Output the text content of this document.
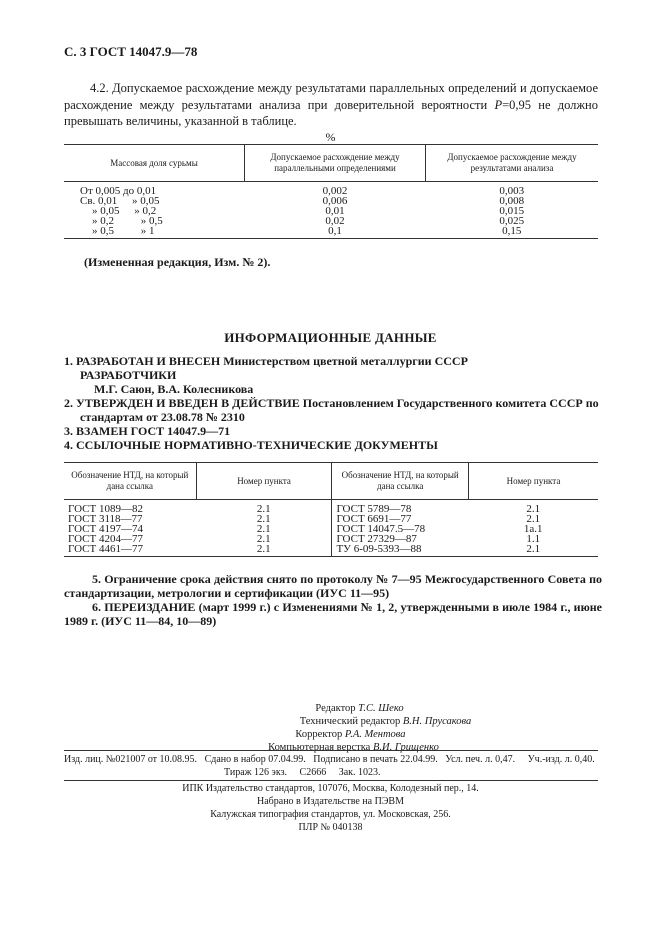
С. 3 ГОСТ 14047.9—78
4.2. Допускаемое расхождение между результатами параллельных определений и допускаемое расхождение между результатами анализа при доверительной вероятности P=0,95 не должно превышать величины, указанной в таблице.
%
Массовая доля сурьмы	Допускаемое расхождение между параллельными определениями	Допускаемое расхождение между результатами анализа
От 0,005 до 0,01	0,002	0,003
Св. 0,01 » 0,05	0,006	0,008
» 0,05 » 0,2	0,01	0,015
» 0,2 » 0,5	0,02	0,025
» 0,5 » 1	0,1	0,15
(Измененная редакция, Изм. № 2).
ИНФОРМАЦИОННЫЕ ДАННЫЕ
1. РАЗРАБОТАН И ВНЕСЕН Министерством цветной металлургии СССР
РАЗРАБОТЧИКИ
М.Г. Саюн, В.А. Колесникова
2. УТВЕРЖДЕН И ВВЕДЕН В ДЕЙСТВИЕ Постановлением Государственного комитета СССР по
стандартам от 23.08.78 № 2310
3. ВЗАМЕН ГОСТ 14047.9—71
4. ССЫЛОЧНЫЕ НОРМАТИВНО-ТЕХНИЧЕСКИЕ ДОКУМЕНТЫ
Обозначение НТД, на который дана ссылка	Номер пункта	Обозначение НТД, на который дана ссылка	Номер пункта
ГОСТ 1089—82	2.1	ГОСТ 5789—78	2.1
ГОСТ 3118—77	2.1	ГОСТ 6691—77	2.1
ГОСТ 4197—74	2.1	ГОСТ 14047.5—78	1а.1
ГОСТ 4204—77	2.1	ГОСТ 27329—87	1.1
ГОСТ 4461—77	2.1	ТУ 6-09-5393—88	2.1

5. Ограничение срока действия снято по протоколу № 7—95 Межгосударственного Совета по стандартизации, метрологии и сертификации (ИУС 11—95)

6. ПЕРЕИЗДАНИЕ (март 1999 г.) с Изменениями № 1, 2, утвержденными в июле 1984 г., июне 1989 г. (ИУС 11—84, 10—89)

Редактор Т.С. Шеко
Технический редактор В.Н. Прусакова
Корректор Р.А. Ментова
Компьютерная верстка В.И. Грищенко
Изд. лиц. №021007 от 10.08.95. Сдано в набор 07.04.99. Подписано в печать 22.04.99. Усл. печ. л. 0,47. Уч.-изд. л. 0,40.
Тираж 126 экз. С2666 Зак. 1023.
ИПК Издательство стандартов, 107076, Москва, Колодезный пер., 14.
Набрано в Издательстве на ПЭВМ
Калужская типография стандартов, ул. Московская, 256.
ПЛР № 040138
